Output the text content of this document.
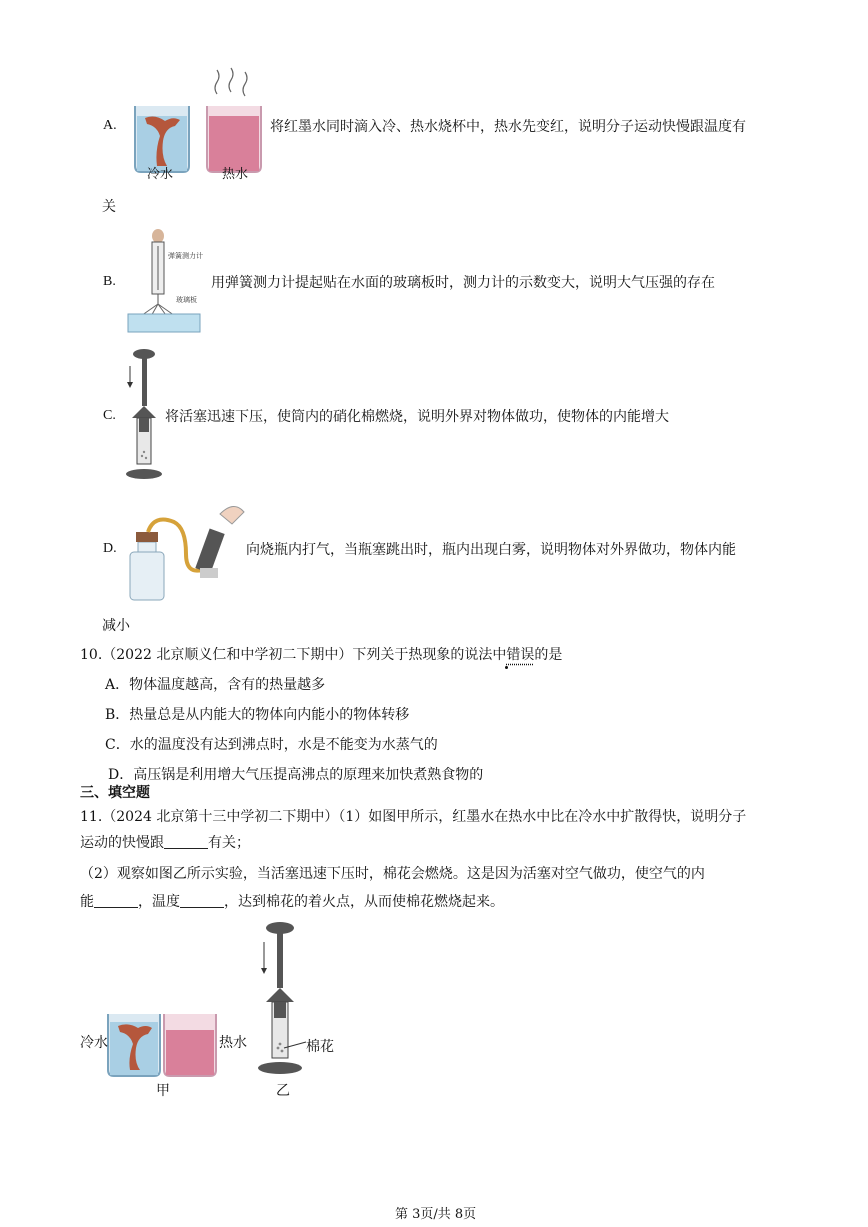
A.
冷水	热水
将红墨水同时滴入冷、热水烧杯中，热水先变红，说明分子运动快慢跟温度有
关
B.
弹簧测力计
玻璃板
用弹簧测力计提起贴在水面的玻璃板时，测力计的示数变大，说明大气压强的存在
C.	将活塞迅速下压，使筒内的硝化棉燃烧，说明外界对物体做功，使物体的内能增大
D.	向烧瓶内打气，当瓶塞跳出时，瓶内出现白雾，说明物体对外界做功，物体内能
减小
10.（2022 北京顺义仁和中学初二下期中）下列关于热现象的说法中错误的是
A．物体温度越高，含有的热量越多
B．热量总是从内能大的物体向内能小的物体转移
C．水的温度没有达到沸点时，水是不能变为水蒸气的
D．高压锅是利用增大气压提高沸点的原理来加快煮熟食物的
三、填空题
11.（2024 北京第十三中学初二下期中）（1）如图甲所示，红墨水在热水中比在冷水中扩散得快，说明分子
运动的快慢跟	有关；
（2）观察如图乙所示实验，当活塞迅速下压时，棉花会燃烧。这是因为活塞对空气做功，使空气的内
能	，温度	，达到棉花的着火点，从而使棉花燃烧起来。
冷水	热水
甲
棉花
乙
第 3页/共 8页
